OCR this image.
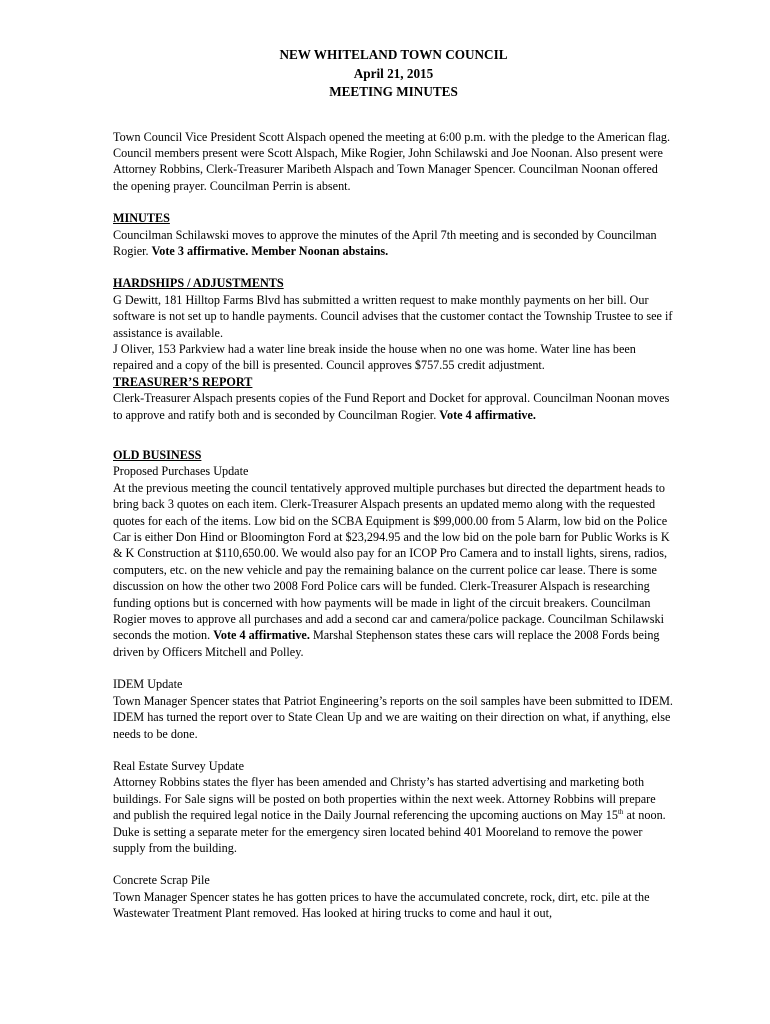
NEW WHITELAND TOWN COUNCIL

April 21, 2015

MEETING MINUTES

Town Council Vice President Scott Alspach opened the meeting at 6:00 p.m. with the pledge to the American flag. Council members present were Scott Alspach, Mike Rogier, John Schilawski and Joe Noonan. Also present were Attorney Robbins, Clerk-Treasurer Maribeth Alspach and Town Manager Spencer. Councilman Noonan offered the opening prayer. Councilman Perrin is absent.

MINUTES

Councilman Schilawski moves to approve the minutes of the April 7th meeting and is seconded by Councilman Rogier. Vote 3 affirmative. Member Noonan abstains.

HARDSHIPS / ADJUSTMENTS

G Dewitt, 181 Hilltop Farms Blvd has submitted a written request to make monthly payments on her bill. Our software is not set up to handle payments. Council advises that the customer contact the Township Trustee to see if assistance is available.

J Oliver, 153 Parkview had a water line break inside the house when no one was home. Water line has been repaired and a copy of the bill is presented. Council approves $757.55 credit adjustment.

TREASURER’S REPORT

Clerk-Treasurer Alspach presents copies of the Fund Report and Docket for approval. Councilman Noonan moves to approve and ratify both and is seconded by Councilman Rogier. Vote 4 affirmative.

OLD BUSINESS

Proposed Purchases Update

At the previous meeting the council tentatively approved multiple purchases but directed the department heads to bring back 3 quotes on each item. Clerk-Treasurer Alspach presents an updated memo along with the requested quotes for each of the items. Low bid on the SCBA Equipment is $99,000.00 from 5 Alarm, low bid on the Police Car is either Don Hind or Bloomington Ford at $23,294.95 and the low bid on the pole barn for Public Works is K & K Construction at $110,650.00. We would also pay for an ICOP Pro Camera and to install lights, sirens, radios, computers, etc. on the new vehicle and pay the remaining balance on the current police car lease. There is some discussion on how the other two 2008 Ford Police cars will be funded. Clerk-Treasurer Alspach is researching funding options but is concerned with how payments will be made in light of the circuit breakers. Councilman Rogier moves to approve all purchases and add a second car and camera/police package. Councilman Schilawski seconds the motion. Vote 4 affirmative. Marshal Stephenson states these cars will replace the 2008 Fords being driven by Officers Mitchell and Polley.

IDEM Update

Town Manager Spencer states that Patriot Engineering’s reports on the soil samples have been submitted to IDEM. IDEM has turned the report over to State Clean Up and we are waiting on their direction on what, if anything, else needs to be done.

Real Estate Survey Update

Attorney Robbins states the flyer has been amended and Christy’s has started advertising and marketing both buildings. For Sale signs will be posted on both properties within the next week. Attorney Robbins will prepare and publish the required legal notice in the Daily Journal referencing the upcoming auctions on May 15th at noon. Duke is setting a separate meter for the emergency siren located behind 401 Mooreland to remove the power supply from the building.

Concrete Scrap Pile

Town Manager Spencer states he has gotten prices to have the accumulated concrete, rock, dirt, etc. pile at the Wastewater Treatment Plant removed. Has looked at hiring trucks to come and haul it out,
